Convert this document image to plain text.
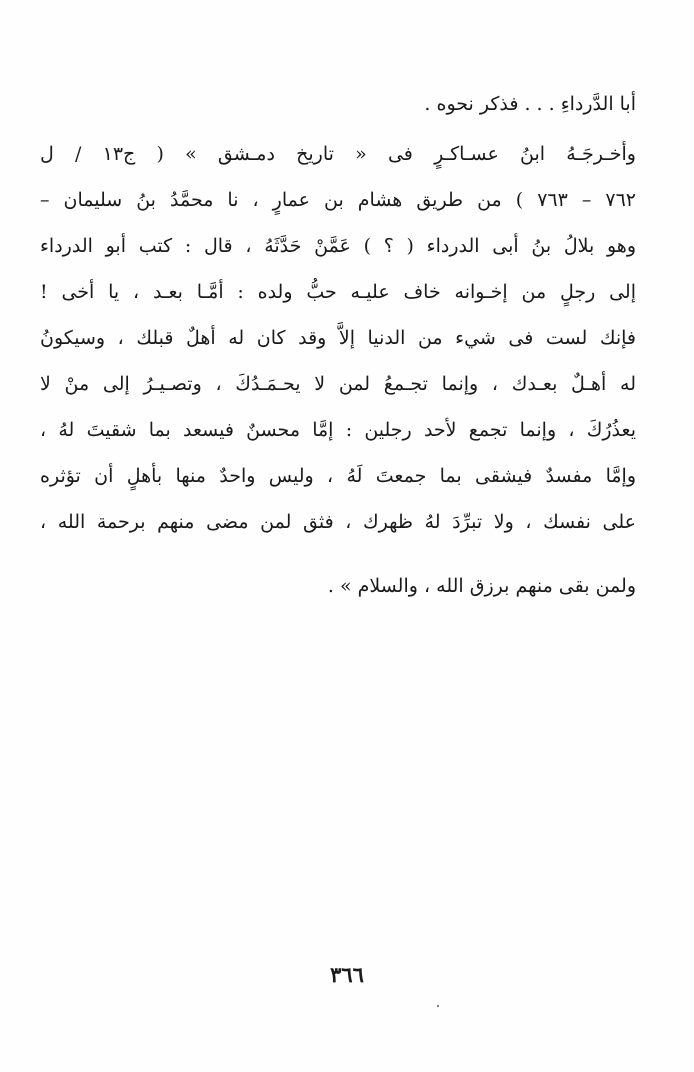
أبا الدَّرداءِ . . . فذكر نحوه .
وأخـرجَـهُ ابنُ عسـاكـرٍ فى « تاريخ دمـشق » ( ج١٣ / ل
٧٦٢ – ٧٦٣ ) من طريق هشام بن عمارٍ ، نا محمَّدُ بنُ سليمان –
وهو بلالُ بنُ أبى الدرداء ( ؟ ) عَمَّنْ حَدَّثَهُ ، قال : كتب أبو الدرداء
إلى رجلٍ من إخـوانه خاف عليـه حبُّ ولده : أمَّـا بعـد ، يا أخى !
فإنك لست فى شيء من الدنيا إلاَّ وقد كان له أهلٌ قبلك ، وسيكونُ
له أهـلٌ بعـدك ، وإنما تجـمعُ لمن لا يحـمَـدُكَ ، وتصـيـرُ إلى منْ لا
يعذُرُكَ ، وإنما تجمع لأحد رجلين : إمَّا محسنٌ فيسعد بما شقيتَ لهُ ،
وإمَّا مفسدٌ فيشقى بما جمعتَ لَهُ ، وليس واحدٌ منها بأهلٍ أن تؤثره
على نفسك ، ولا تبرِّدَ لهُ ظهرك ، فثق لمن مضى منهم برحمة الله ،
ولمن بقى منهم برزق الله ، والسلام » .
٣٦٦
